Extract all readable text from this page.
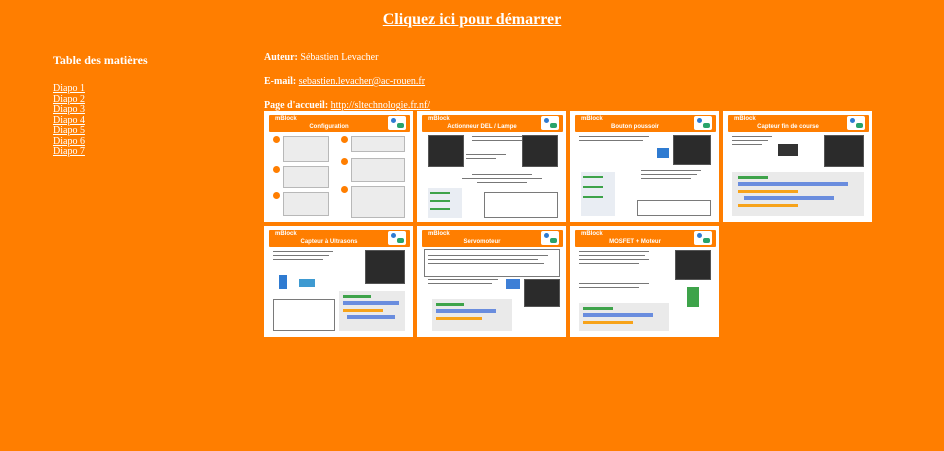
Cliquez ici pour démarrer
Table des matières
Diapo 1
Diapo 2
Diapo 3
Diapo 4
Diapo 5
Diapo 6
Diapo 7

Auteur: Sébastien Levacher

E-mail: sebastien.levacher@ac-rouen.fr

Page d'accueil: http://sltechnologie.fr.nf/

mBlock
Configuration
mBlock
Actionneur DEL / Lampe
mBlock
Bouton poussoir
mBlock
Capteur fin de course
mBlock
Capteur à Ultrasons
mBlock
Servomoteur
mBlock
MOSFET + Moteur
